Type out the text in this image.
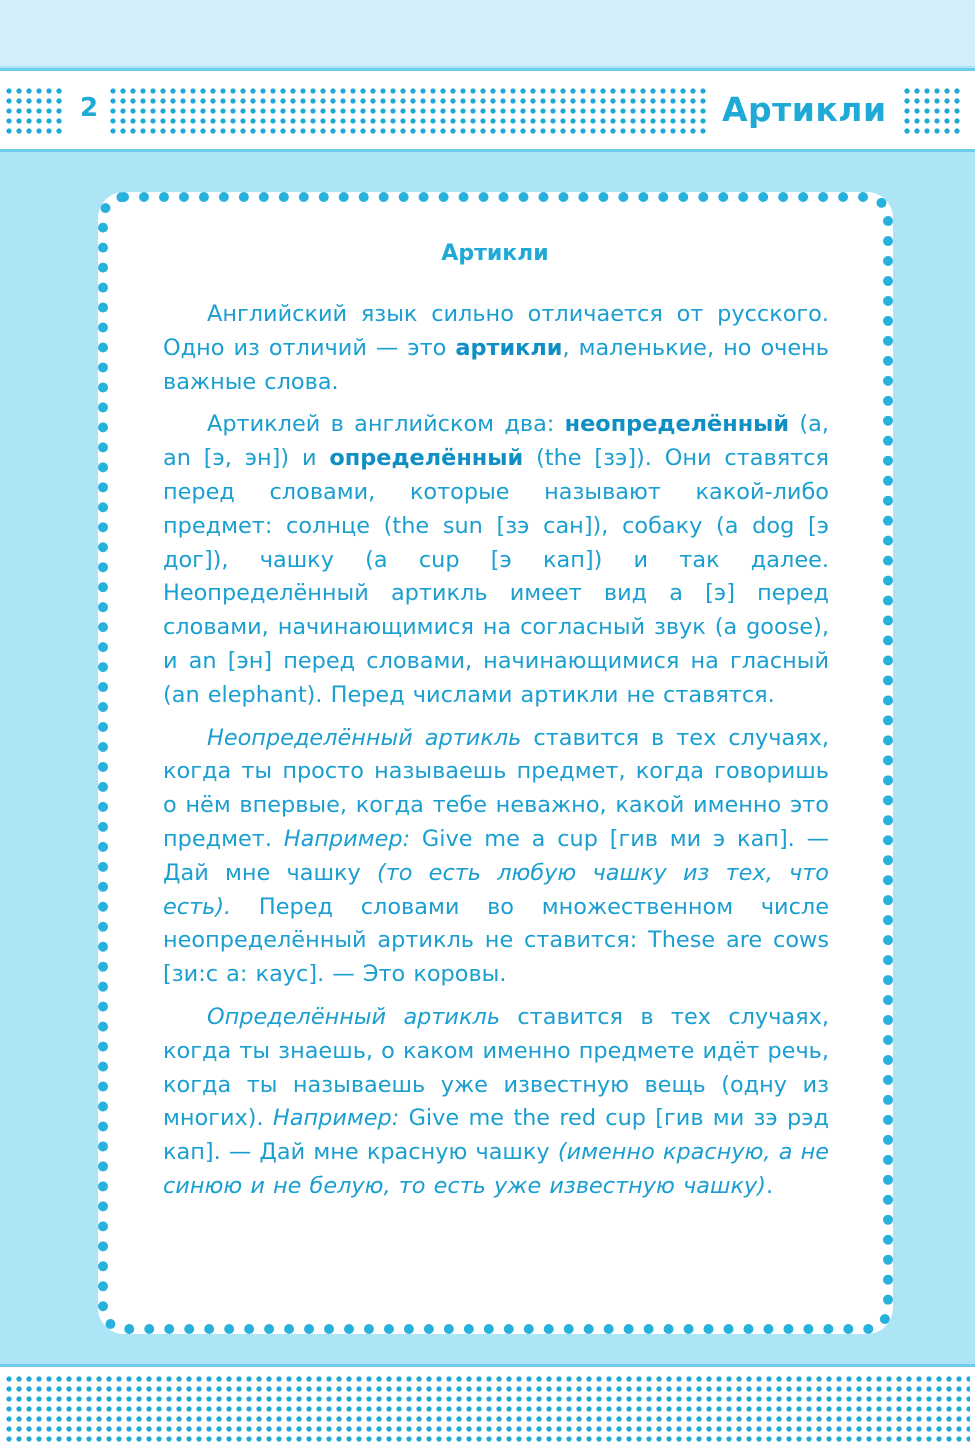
2	Артикли
Артикли

Английский язык сильно отличается от русского. Одно из отличий — это артикли, маленькие, но очень важные слова.

Артиклей в английском два: неопределённый (a, an [э, эн]) и определённый (the [зэ]). Они ставятся перед словами, которые называют какой-либо предмет: солнце (the sun [зэ сан]), собаку (a dog [э дог]), чашку (a cup [э кап]) и так далее. Неопределённый артикль имеет вид a [э] перед словами, начинающимися на согласный звук (a goose), и an [эн] перед словами, начинающимися на гласный (an elephant). Перед числами артикли не ставятся.

Неопределённый артикль ставится в тех случаях, когда ты просто называешь предмет, когда говоришь о нём впервые, когда тебе неважно, какой именно это предмет. Например: Give me a cup [гив ми э кап]. — Дай мне чашку (то есть любую чашку из тех, что есть). Перед словами во множественном числе неопределённый артикль не ставится: These are cows [зи:с а: каус]. — Это коровы.

Определённый артикль ставится в тех случаях, когда ты знаешь, о каком именно предмете идёт речь, когда ты называешь уже известную вещь (одну из многих). Например: Give me the red cup [гив ми зэ рэд кап]. — Дай мне красную чашку (именно красную, а не синюю и не белую, то есть уже известную чашку).
